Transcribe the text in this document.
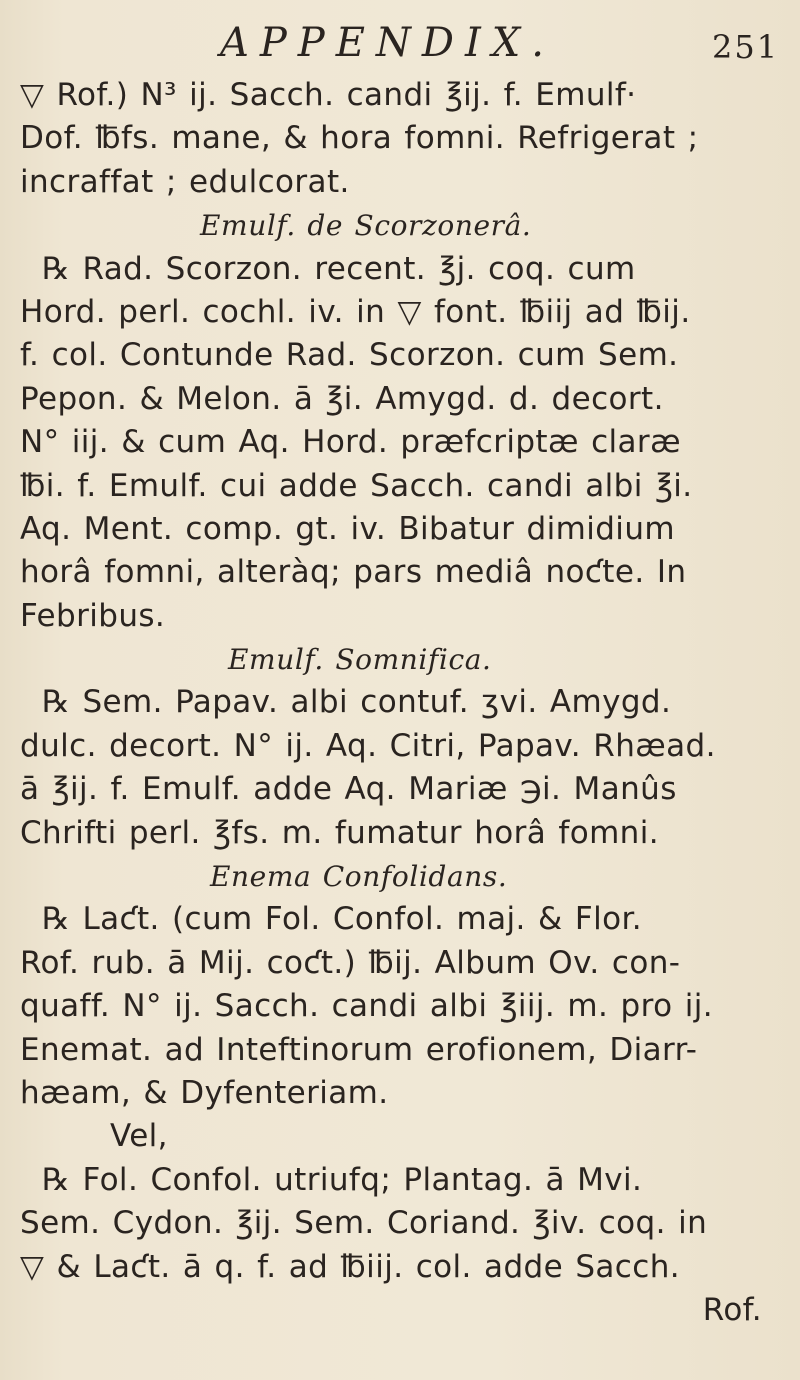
APPENDIX.	251
▽ Rof.) N³ ij. Sacch. candi ℥ij. f. Emulf·
Dof. ℔fs. mane, & hora fomni. Refrigerat ;
incraffat ; edulcorat.
Emulf. de Scorzonerâ.
℞ Rad. Scorzon. recent. ℥j. coq. cum
Hord. perl. cochl. iv. in ▽ font. ℔iij ad ℔ij.
f. col. Contunde Rad. Scorzon. cum Sem.
Pepon. & Melon. ā ℥i. Amygd. d. decort.
N° iij. & cum Aq. Hord. præfcriptæ claræ
℔i. f. Emulf. cui adde Sacch. candi albi ℥i.
Aq. Ment. comp. gt. iv. Bibatur dimidium
horâ fomni, alteràq; pars mediâ noƈte. In
Febribus.
Emulf. Somnifica.
℞ Sem. Papav. albi contuf. ʒvi. Amygd.
dulc. decort. N° ij. Aq. Citri, Papav. Rhæad.
ā ℥ij. f. Emulf. adde Aq. Mariæ ℈i. Manûs
Chrifti perl. ℥fs. m. fumatur horâ fomni.
Enema Confolidans.
℞ Laƈt. (cum Fol. Confol. maj. & Flor.
Rof. rub. ā Mij. coƈt.) ℔ij. Album Ov. con-
quaff. N° ij. Sacch. candi albi ℥iij. m. pro ij.
Enemat. ad Inteftinorum erofionem, Diarr-
hæam, & Dyfenteriam.
Vel,
℞ Fol. Confol. utriufq; Plantag. ā Mvi.
Sem. Cydon. ℥ij. Sem. Coriand. ℥iv. coq. in
▽ & Laƈt. ā q. f. ad ℔iij. col. adde Sacch.
Rof.
